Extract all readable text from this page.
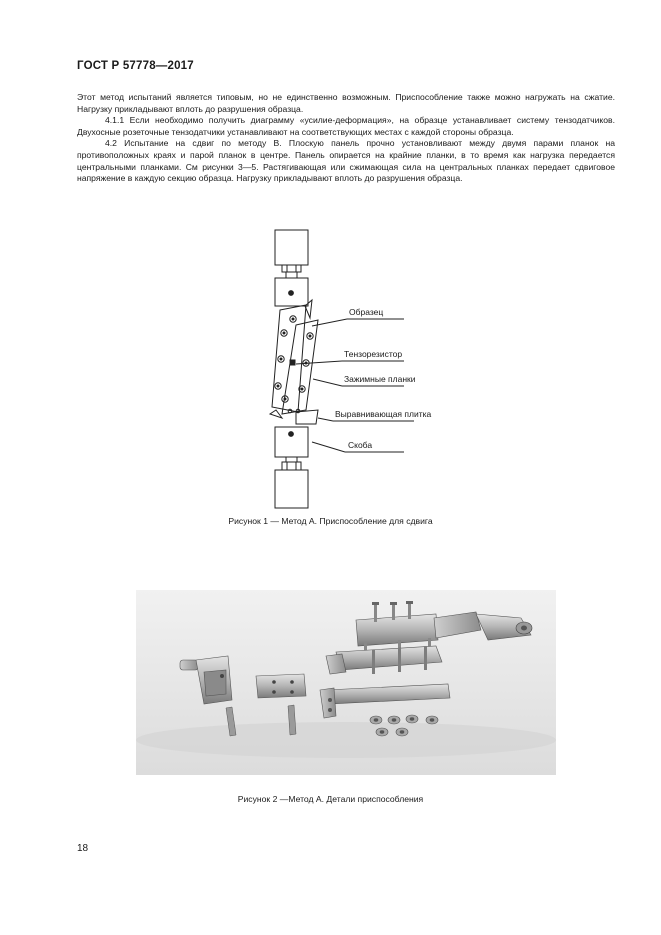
ГОСТ Р 57778—2017

Этот метод испытаний является типовым, но не единственно возможным. Приспособление также можно нагружать на сжатие. Нагрузку прикладывают вплоть до разрушения образца.

4.1.1 Если необходимо получить диаграмму «усилие-деформация», на образце устанавливает систему тензодатчиков. Двухосные розеточные тензодатчики устанавливают на соответствующих местах с каждой стороны образца.

4.2 Испытание на сдвиг по методу B. Плоскую панель прочно установливают между двумя парами планок на противоположных краях и парой планок в центре. Панель опирается на крайние планки, в то время как нагрузка передается центральными планками. См рисунки 3—5. Растягивающая или сжимающая сила на центральных планках передает сдвиговое напряжение в каждую секцию образца. Нагрузку прикладывают вплоть до разрушения образца.

Образец
Тензорезистор
Зажимные планки
Выравнивающая плитка
Скоба
Рисунок 1 — Метод А. Приспособление для сдвига
Рисунок 2 —Метод А. Детали приспособления
18
